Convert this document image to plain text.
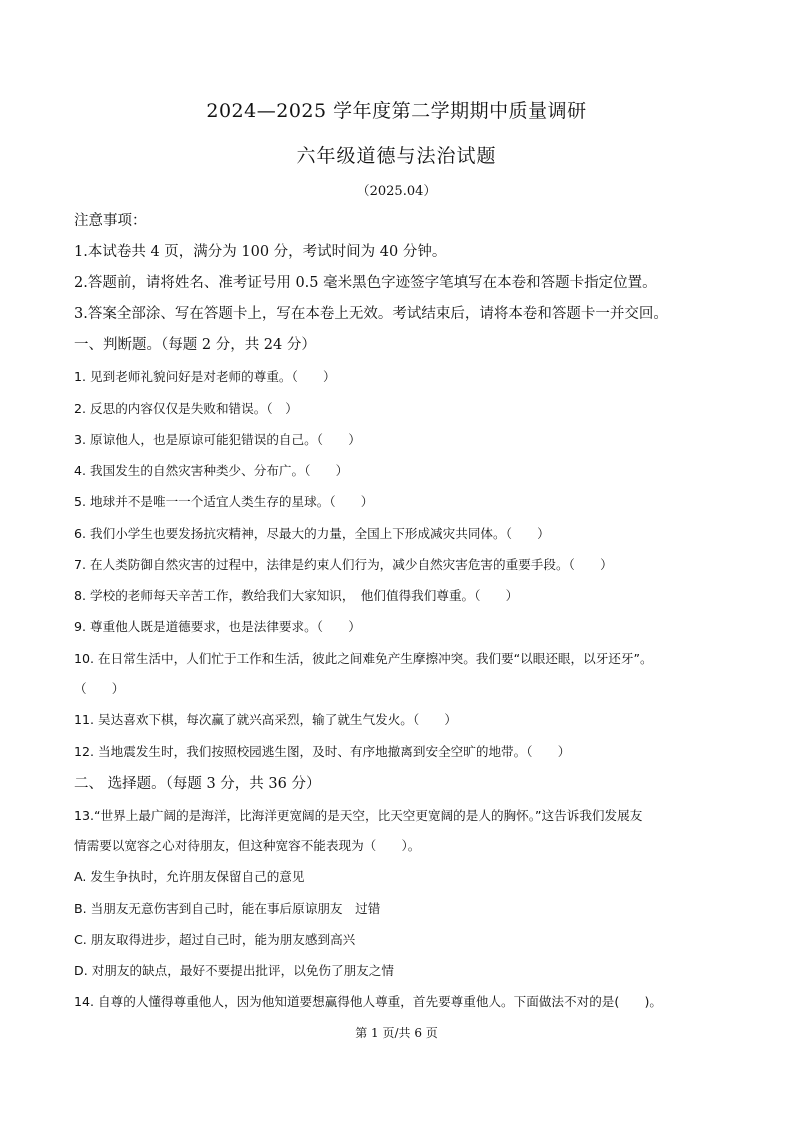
2024—2025 学年度第二学期期中质量调研
六年级道德与法治试题
（2025.04）
注意事项：
1.本试卷共 4 页，满分为 100 分，考试时间为 40 分钟。
2.答题前，请将姓名、准考证号用 0.5 毫米黑色字迹签字笔填写在本卷和答题卡指定位置。
3.答案全部涂、写在答题卡上，写在本卷上无效。考试结束后，请将本卷和答题卡一并交回。
一、判断题。（每题 2 分，共 24 分）
1. 见到老师礼貌问好是对老师的尊重。（　　）
2. 反思的内容仅仅是失败和错误。（　）
3. 原谅他人，也是原谅可能犯错误的自己。（　　）
4. 我国发生的自然灾害种类少、分布广。（　　）
5. 地球并不是唯一一个适宜人类生存的星球。（　　）
6. 我们小学生也要发扬抗灾精神，尽最大的力量，全国上下形成减灾共同体。（　　）
7. 在人类防御自然灾害的过程中，法律是约束人们行为，减少自然灾害危害的重要手段。（　　）
8. 学校的老师每天辛苦工作，教给我们大家知识，　他们值得我们尊重。（　　）
9. 尊重他人既是道德要求，也是法律要求。（　　）
10. 在日常生活中，人们忙于工作和生活，彼此之间难免产生摩擦冲突。我们要“以眼还眼，以牙还牙”。
（　　）
11. 吴达喜欢下棋，每次赢了就兴高采烈，输了就生气发火。（　　）
12. 当地震发生时，我们按照校园逃生图，及时、有序地撤离到安全空旷的地带。（　　）
二、 选择题。（每题 3 分，共 36 分）
13.“世界上最广阔的是海洋，比海洋更宽阔的是天空，比天空更宽阔的是人的胸怀。”这告诉我们发展友
情需要以宽容之心对待朋友，但这种宽容不能表现为（　　）。
A. 发生争执时，允许朋友保留自己的意见
B. 当朋友无意伤害到自己时，能在事后原谅朋友　过错
C. 朋友取得进步，超过自己时，能为朋友感到高兴
D. 对朋友的缺点，最好不要提出批评，以免伤了朋友之情
14. 自尊的人懂得尊重他人，因为他知道要想赢得他人尊重，首先要尊重他人。下面做法不对的是(　　)。
第 1 页/共 6 页
